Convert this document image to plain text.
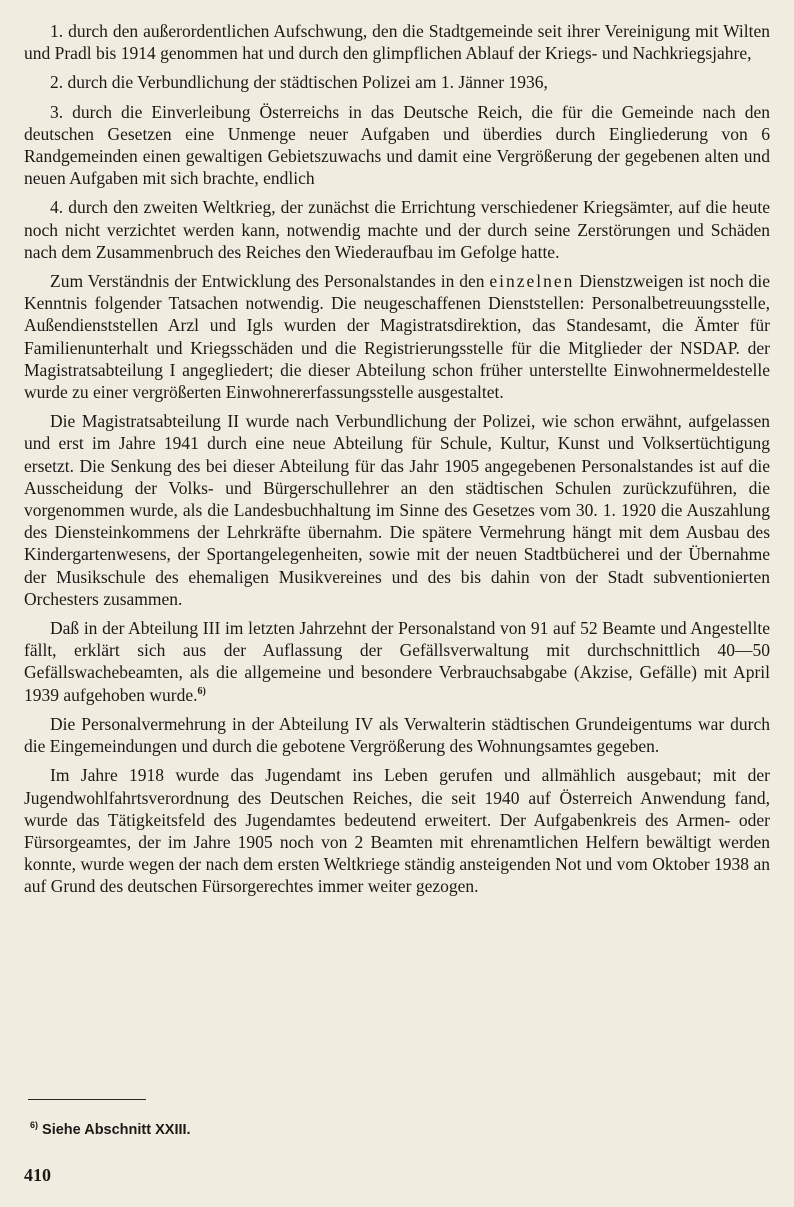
1. durch den außerordentlichen Aufschwung, den die Stadtgemeinde seit ihrer Vereinigung mit Wilten und Pradl bis 1914 genommen hat und durch den glimpflichen Ablauf der Kriegs- und Nachkriegsjahre,

2. durch die Verbundlichung der städtischen Polizei am 1. Jänner 1936,

3. durch die Einverleibung Österreichs in das Deutsche Reich, die für die Gemeinde nach den deutschen Gesetzen eine Unmenge neuer Aufgaben und überdies durch Eingliederung von 6 Randgemeinden einen gewaltigen Gebietszuwachs und damit eine Vergrößerung der gegebenen alten und neuen Aufgaben mit sich brachte, endlich

4. durch den zweiten Weltkrieg, der zunächst die Errichtung verschiedener Kriegsämter, auf die heute noch nicht verzichtet werden kann, notwendig machte und der durch seine Zerstörungen und Schäden nach dem Zusammenbruch des Reiches den Wiederaufbau im Gefolge hatte.

Zum Verständnis der Entwicklung des Personalstandes in den einzelnen Dienstzweigen ist noch die Kenntnis folgender Tatsachen notwendig. Die neugeschaffenen Dienststellen: Personalbetreuungsstelle, Außendienststellen Arzl und Igls wurden der Magistratsdirektion, das Standesamt, die Ämter für Familienunterhalt und Kriegsschäden und die Registrierungsstelle für die Mitglieder der NSDAP. der Magistratsabteilung I angegliedert; die dieser Abteilung schon früher unterstellte Einwohnermeldestelle wurde zu einer vergrößerten Einwohnererfassungsstelle ausgestaltet.

Die Magistratsabteilung II wurde nach Verbundlichung der Polizei, wie schon erwähnt, aufgelassen und erst im Jahre 1941 durch eine neue Abteilung für Schule, Kultur, Kunst und Volksertüchtigung ersetzt. Die Senkung des bei dieser Abteilung für das Jahr 1905 angegebenen Personalstandes ist auf die Ausscheidung der Volks- und Bürgerschullehrer an den städtischen Schulen zurückzuführen, die vorgenommen wurde, als die Landesbuchhaltung im Sinne des Gesetzes vom 30. 1. 1920 die Auszahlung des Diensteinkommens der Lehrkräfte übernahm. Die spätere Vermehrung hängt mit dem Ausbau des Kindergartenwesens, der Sportangelegenheiten, sowie mit der neuen Stadtbücherei und der Übernahme der Musikschule des ehemaligen Musikvereines und des bis dahin von der Stadt subventionierten Orchesters zusammen.

Daß in der Abteilung III im letzten Jahrzehnt der Personalstand von 91 auf 52 Beamte und Angestellte fällt, erklärt sich aus der Auflassung der Gefällsverwaltung mit durchschnittlich 40—50 Gefällswachebeamten, als die allgemeine und besondere Verbrauchsabgabe (Akzise, Gefälle) mit April 1939 aufgehoben wurde.$^{6)}$

Die Personalvermehrung in der Abteilung IV als Verwalterin städtischen Grundeigentums war durch die Eingemeindungen und durch die gebotene Vergrößerung des Wohnungsamtes gegeben.

Im Jahre 1918 wurde das Jugendamt ins Leben gerufen und allmählich ausgebaut; mit der Jugendwohlfahrtsverordnung des Deutschen Reiches, die seit 1940 auf Österreich Anwendung fand, wurde das Tätigkeitsfeld des Jugendamtes bedeutend erweitert. Der Aufgabenkreis des Armen- oder Fürsorgeamtes, der im Jahre 1905 noch von 2 Beamten mit ehrenamtlichen Helfern bewältigt werden konnte, wurde wegen der nach dem ersten Weltkriege ständig ansteigenden Not und vom Oktober 1938 an auf Grund des deutschen Fürsorgerechtes immer weiter gezogen.

$^{6)}$ Siehe Abschnitt XXIII.
410
